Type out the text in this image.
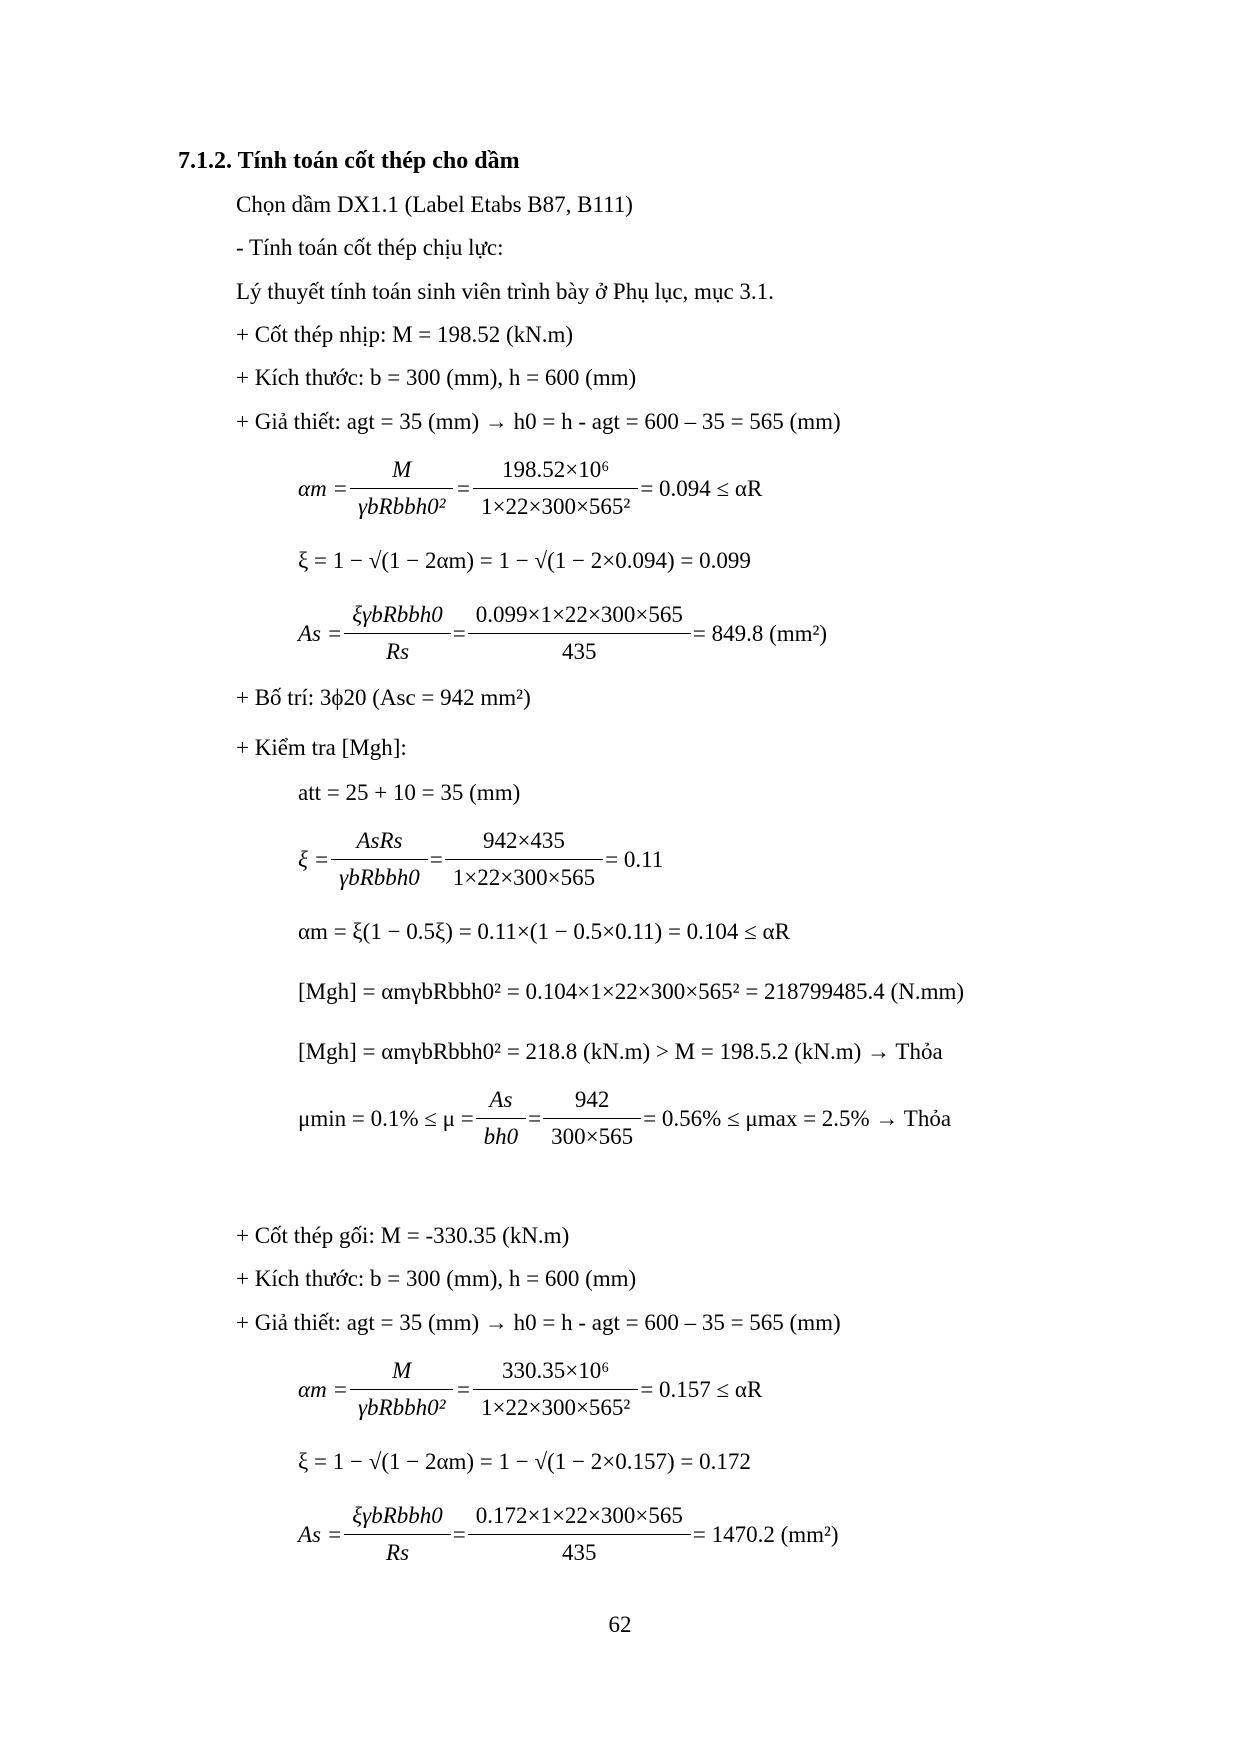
7.1.2. Tính toán cốt thép cho dầm
Chọn dầm DX1.1 (Label Etabs B87, B111)
- Tính toán cốt thép chịu lực:
Lý thuyết tính toán sinh viên trình bày ở Phụ lục, mục 3.1.
+ Cốt thép nhịp: M = 198.52 (kN.m)
+ Kích thước: b = 300 (mm), h = 600 (mm)
+ Giả thiết: agt = 35 (mm) → h0 = h - agt = 600 – 35 = 565 (mm)
$\alpha m = \frac{M}{\text{γbRbbh0²}} = \frac{\text{198.52×10⁶}}{\text{1×22×300×565²}} = 0.094 \le \alpha R$
ξ = 1 − √(1 − 2αm) = 1 − √(1 − 2×0.094) = 0.099
$As = \frac{\text{ξγbRbbh0}}{Rs} = \frac{0.099\times 1\times 22\times 300\times 565}{435} = 849.8$ (mm²)
+ Bố trí: 3ϕ20 (Asc = 942 mm²)
+ Kiểm tra [Mgh]:
att = 25 + 10 = 35 (mm)
$\xi = \frac{\text{AsRs}}{\text{γbRbbh0}} = \frac{942\times 435}{1\times 22\times 300\times 565} = 0.11$
αm = ξ(1 − 0.5ξ) = 0.11×(1 − 0.5×0.11) = 0.104 ≤ αR
[Mgh] = αmγbRbbh0² = 0.104×1×22×300×565² = 218799485.4 (N.mm)
[Mgh] = αmγbRbbh0² = 218.8 (kN.m) > M = 198.5.2 (kN.m) → Thỏa
$\mu\min = 0.1\% \le \mu = \frac{As}{bh0} = \frac{942}{300\times 565} = 0.56\% \le \mu\max = 2.5\%$ → Thỏa
+ Cốt thép gối: M = -330.35 (kN.m)
+ Kích thước: b = 300 (mm), h = 600 (mm)
+ Giả thiết: agt = 35 (mm) → h0 = h - agt = 600 – 35 = 565 (mm)
$\alpha m = \frac{M}{\text{γbRbbh0²}} = \frac{\text{330.35×10⁶}}{\text{1×22×300×565²}} = 0.157 \le \alpha R$
ξ = 1 − √(1 − 2αm) = 1 − √(1 − 2×0.157) = 0.172
$As = \frac{\text{ξγbRbbh0}}{Rs} = \frac{0.172\times 1\times 22\times 300\times 565}{435} = 1470.2$ (mm²)
62
